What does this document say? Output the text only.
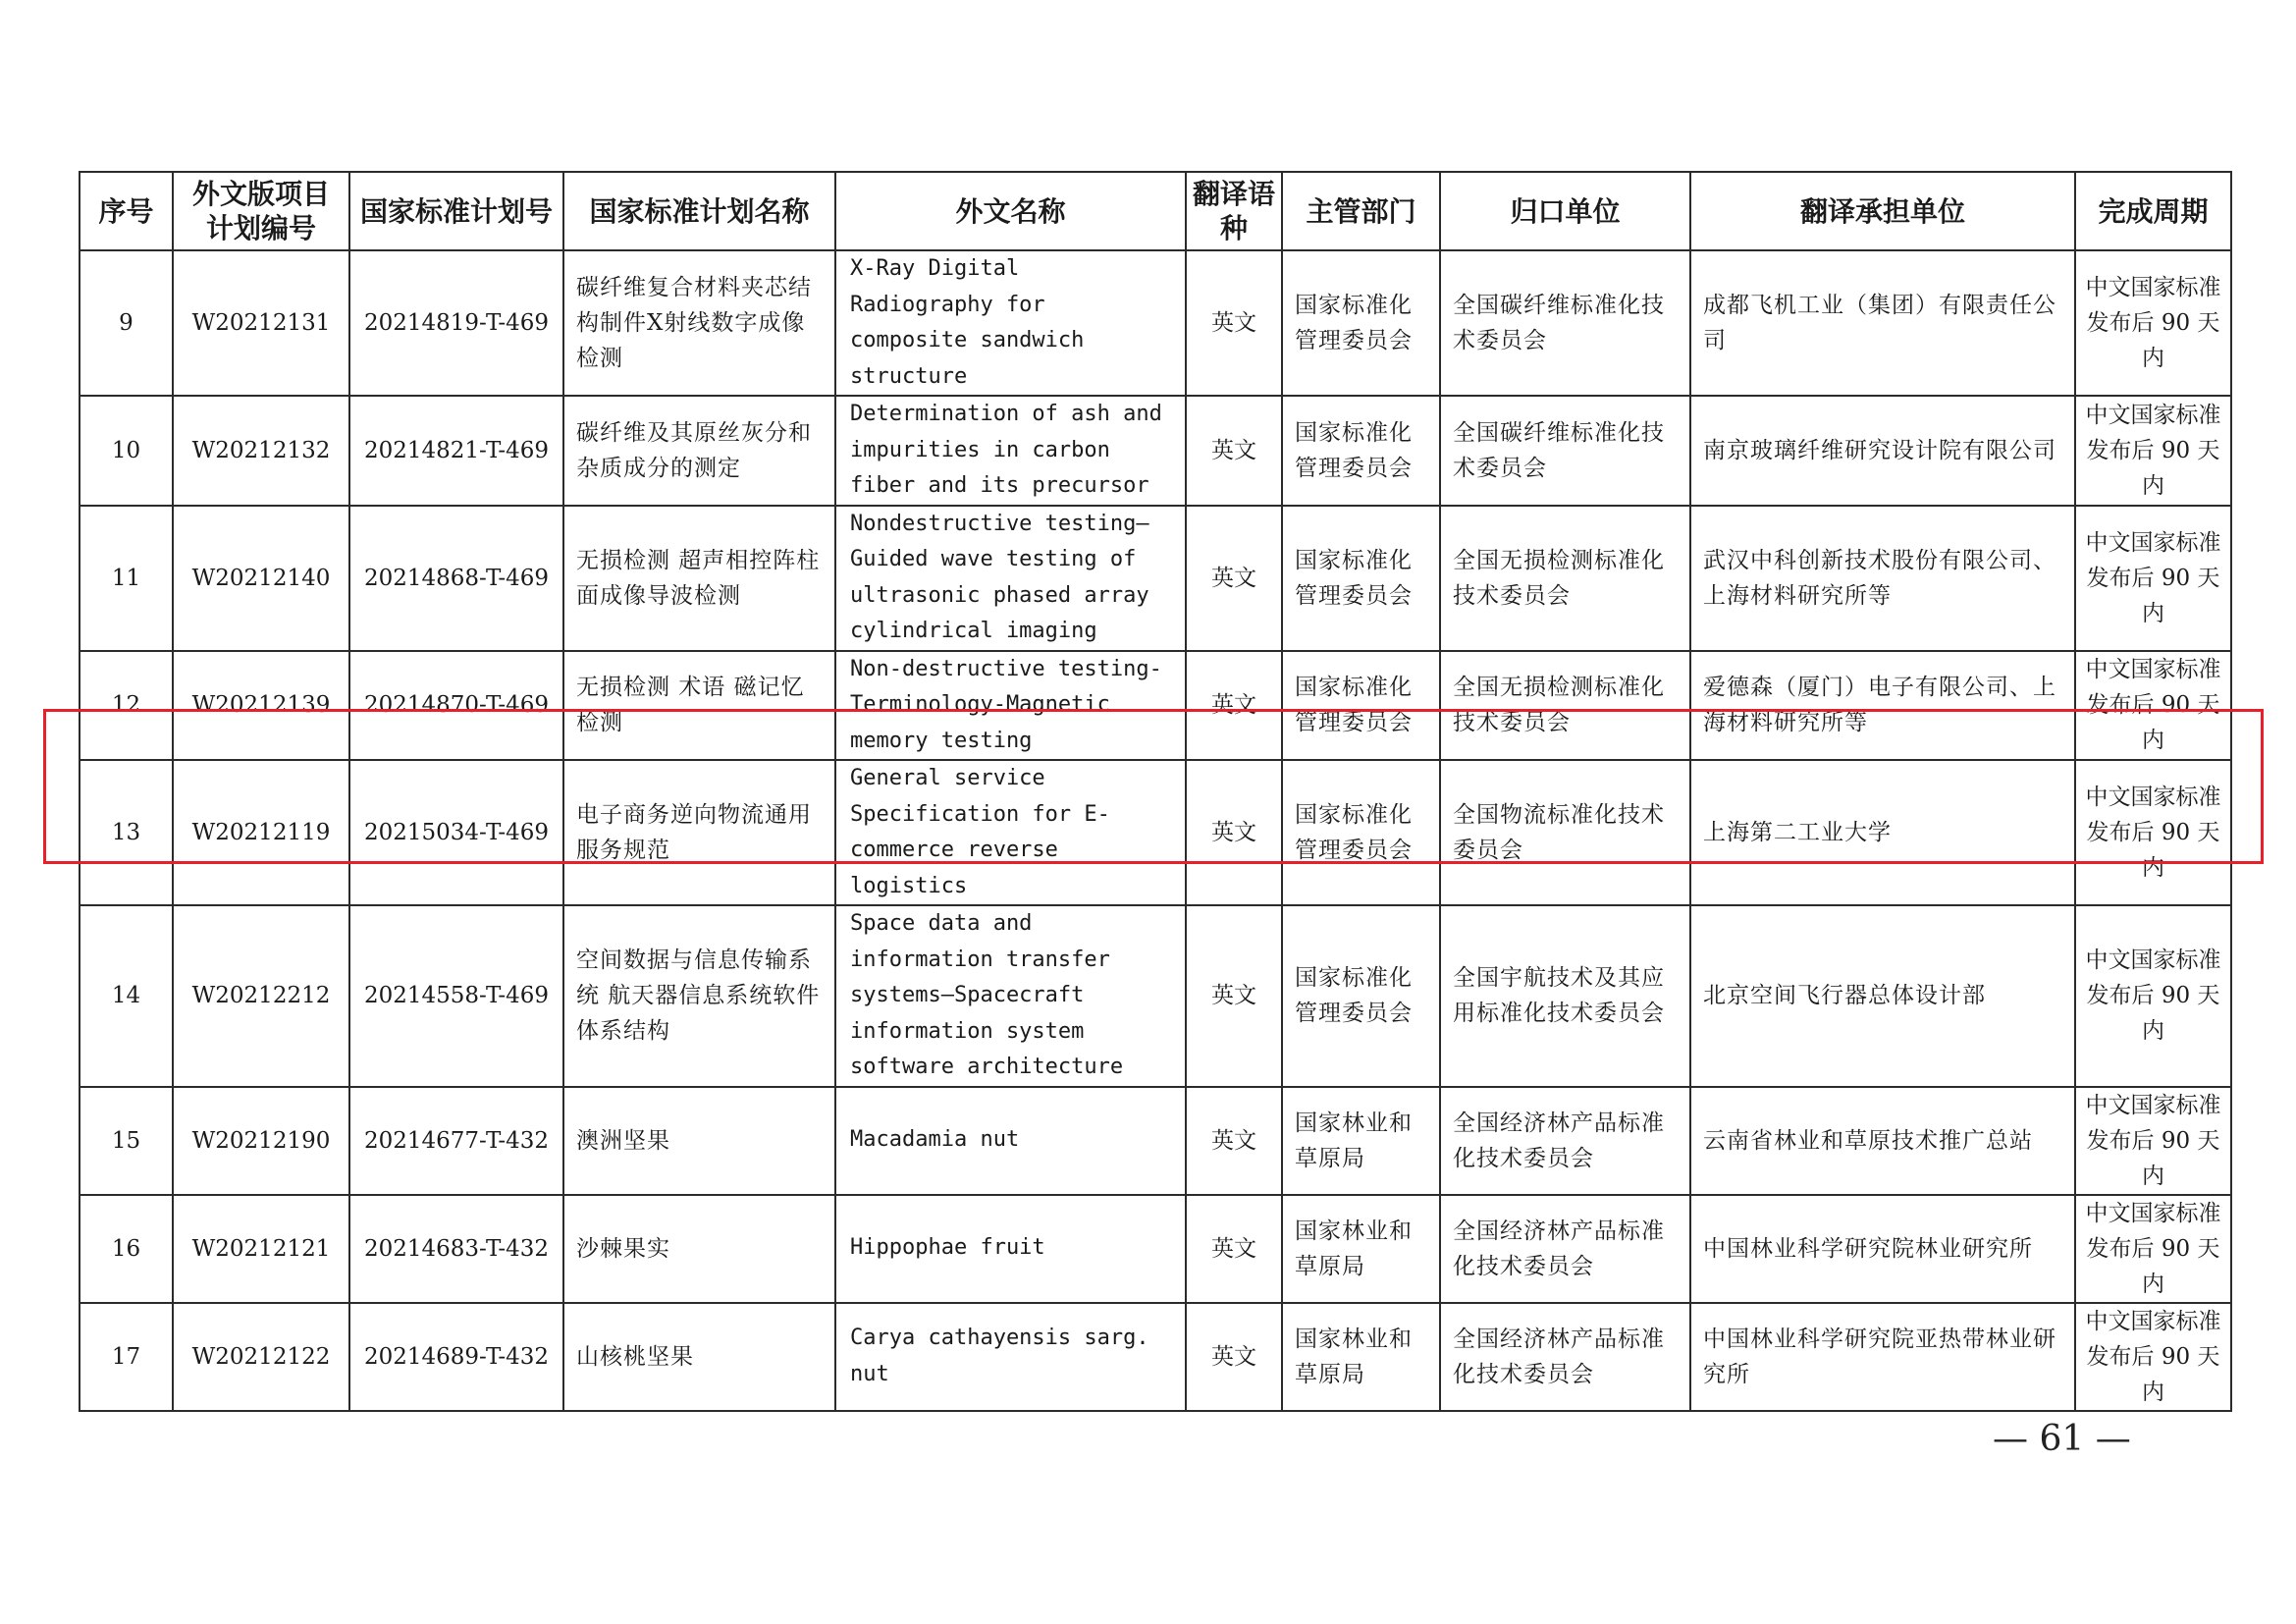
序号	外文版项目计划编号	国家标准计划号	国家标准计划名称	外文名称	翻译语种	主管部门	归口单位	翻译承担单位	完成周期
9	W20212131	20214819-T-469	碳纤维复合材料夹芯结构制件X射线数字成像检测	X-Ray Digital Radiography for composite sandwich structure	英文	国家标准化管理委员会	全国碳纤维标准化技术委员会	成都飞机工业（集团）有限责任公司	中文国家标准发布后 90 天内
10	W20212132	20214821-T-469	碳纤维及其原丝灰分和杂质成分的测定	Determination of ash and impurities in carbon fiber and its precursor	英文	国家标准化管理委员会	全国碳纤维标准化技术委员会	南京玻璃纤维研究设计院有限公司	中文国家标准发布后 90 天内
11	W20212140	20214868-T-469	无损检测 超声相控阵柱面成像导波检测	Nondestructive testing—Guided wave testing of ultrasonic phased array cylindrical imaging	英文	国家标准化管理委员会	全国无损检测标准化技术委员会	武汉中科创新技术股份有限公司、上海材料研究所等	中文国家标准发布后 90 天内
12	W20212139	20214870-T-469	无损检测 术语 磁记忆检测	Non-destructive testing-Terminology-Magnetic memory testing	英文	国家标准化管理委员会	全国无损检测标准化技术委员会	爱德森（厦门）电子有限公司、上海材料研究所等	中文国家标准发布后 90 天内
13	W20212119	20215034-T-469	电子商务逆向物流通用服务规范	General service Specification for E-commerce reverse logistics	英文	国家标准化管理委员会	全国物流标准化技术委员会	上海第二工业大学	中文国家标准发布后 90 天内
14	W20212212	20214558-T-469	空间数据与信息传输系统 航天器信息系统软件体系结构	Space data and information transfer systems—Spacecraft information system software architecture	英文	国家标准化管理委员会	全国宇航技术及其应用标准化技术委员会	北京空间飞行器总体设计部	中文国家标准发布后 90 天内
15	W20212190	20214677-T-432	澳洲坚果	Macadamia nut	英文	国家林业和草原局	全国经济林产品标准化技术委员会	云南省林业和草原技术推广总站	中文国家标准发布后 90 天内
16	W20212121	20214683-T-432	沙棘果实	Hippophae fruit	英文	国家林业和草原局	全国经济林产品标准化技术委员会	中国林业科学研究院林业研究所	中文国家标准发布后 90 天内
17	W20212122	20214689-T-432	山核桃坚果	Carya cathayensis sarg. nut	英文	国家林业和草原局	全国经济林产品标准化技术委员会	中国林业科学研究院亚热带林业研究所	中文国家标准发布后 90 天内
— 61 —
